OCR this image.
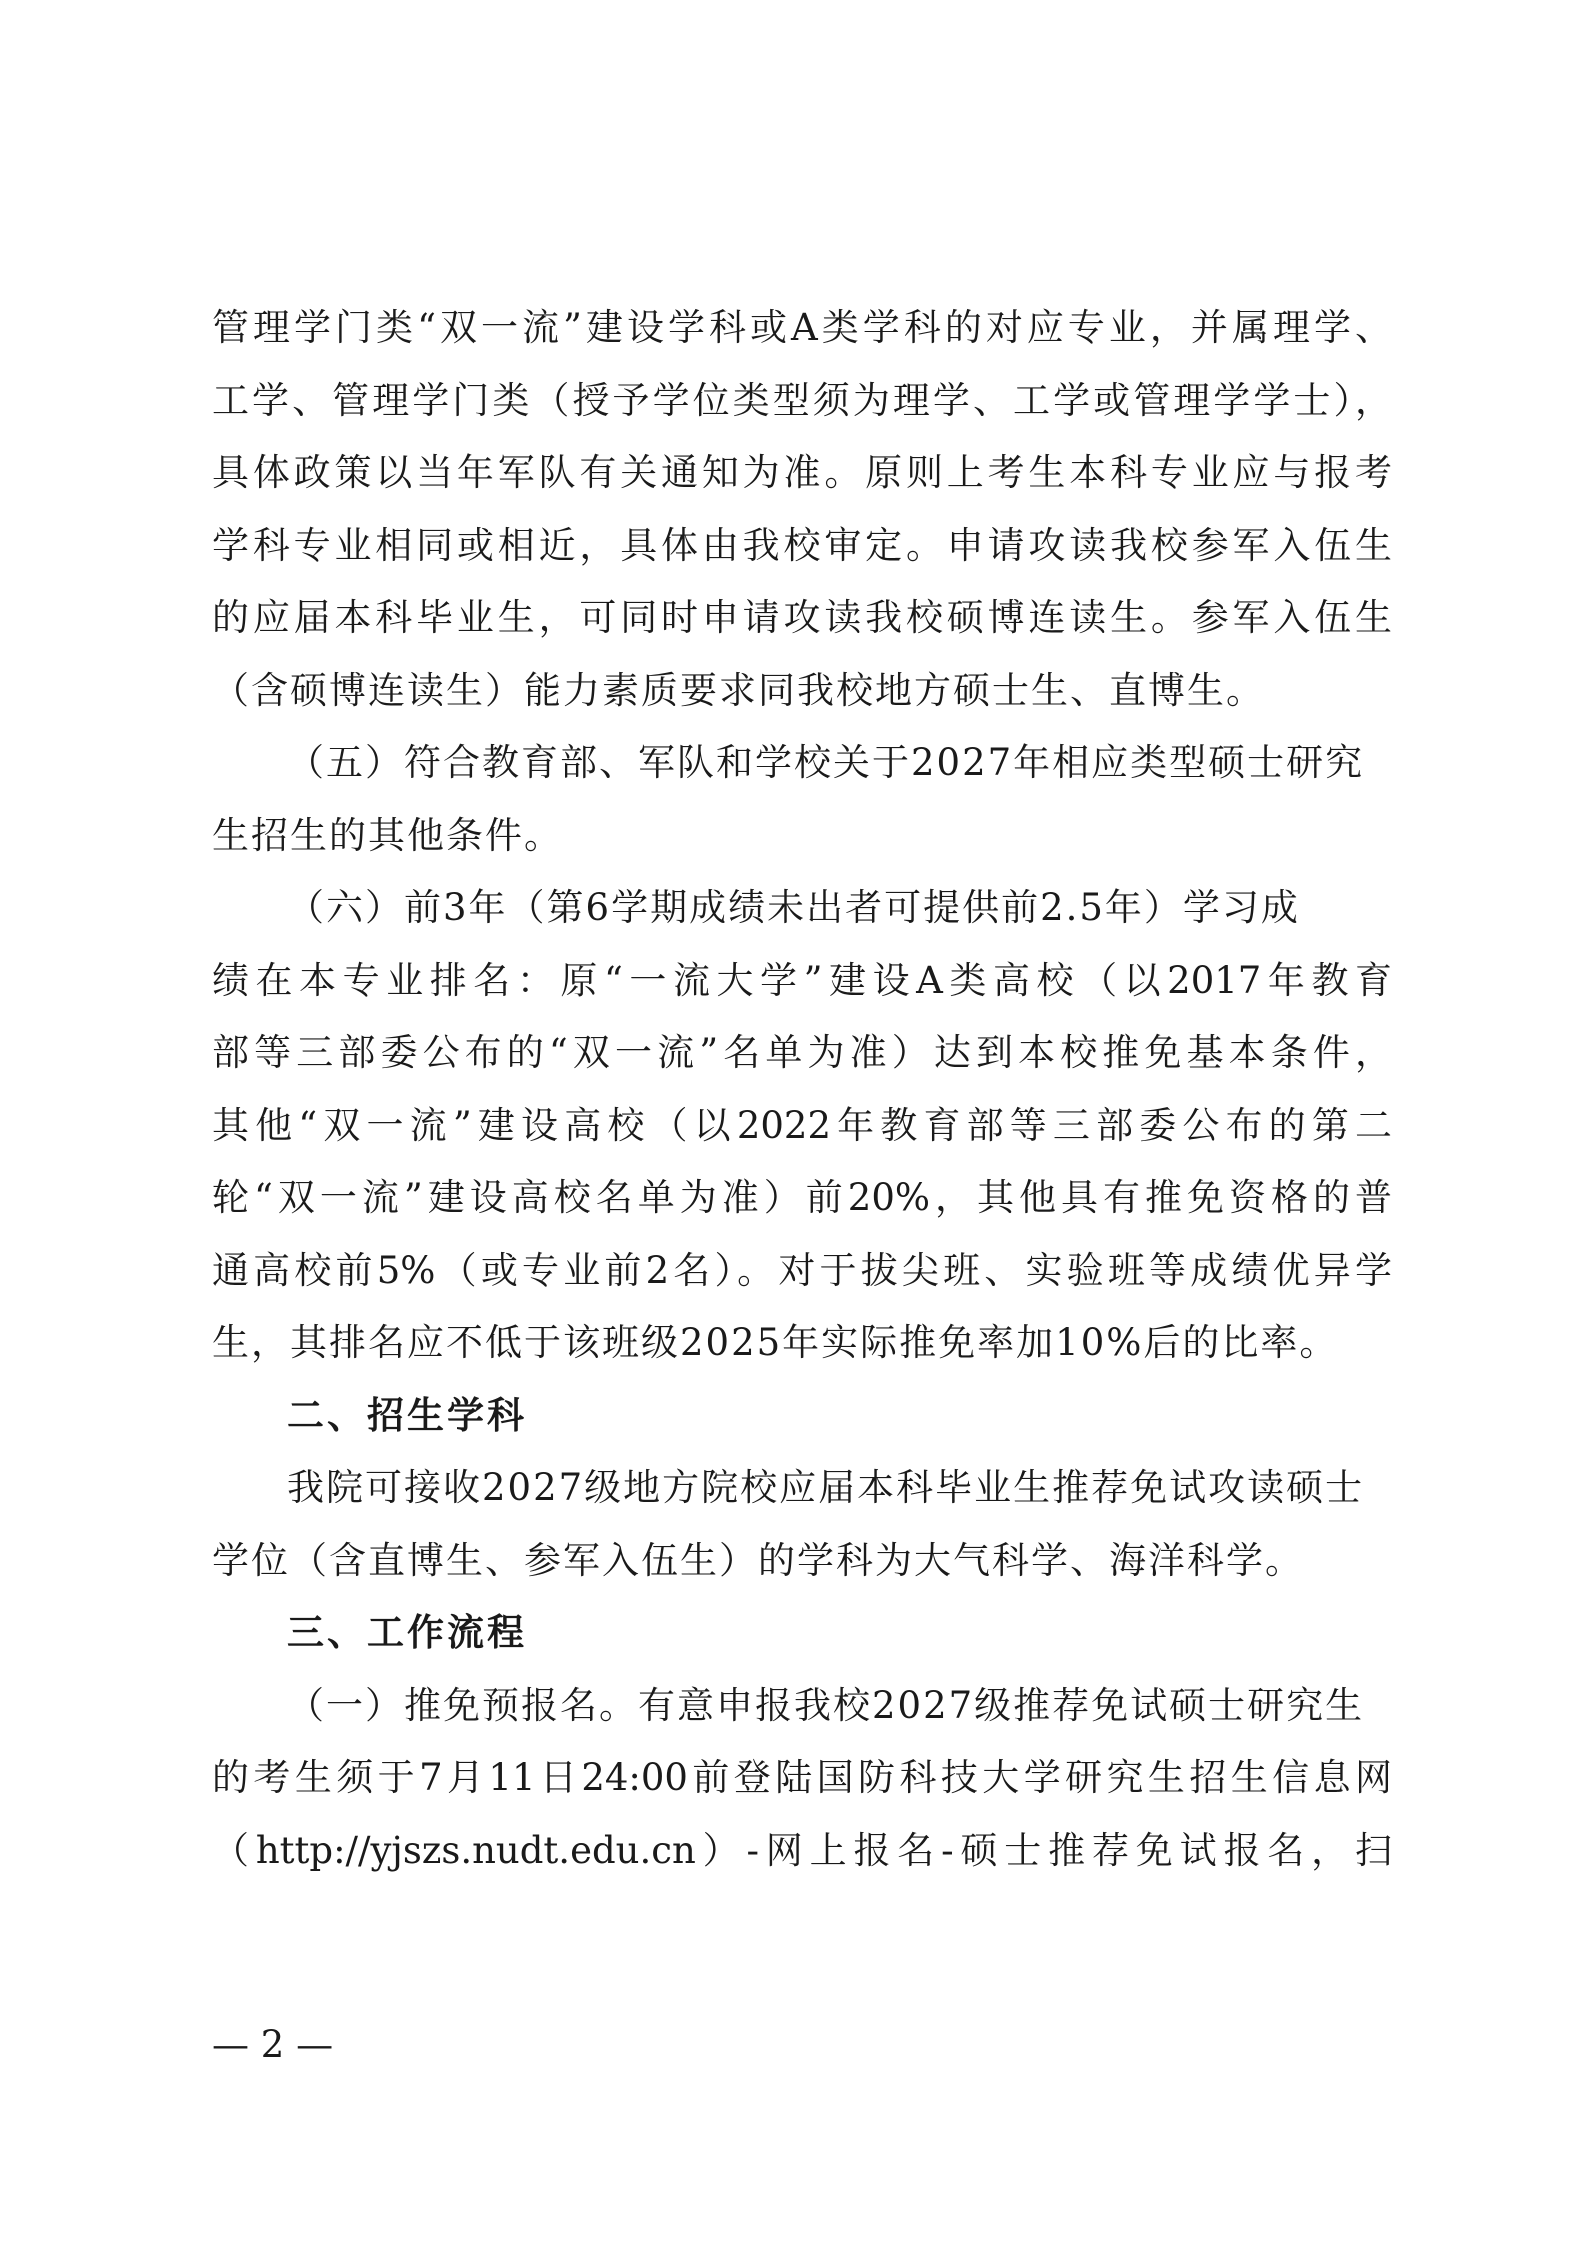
管理学门类“双一流”建设学科或A类学科的对应专业，并属理学、
工学、管理学门类（授予学位类型须为理学、工学或管理学学士），
具体政策以当年军队有关通知为准。原则上考生本科专业应与报考
学科专业相同或相近，具体由我校审定。申请攻读我校参军入伍生
的应届本科毕业生，可同时申请攻读我校硕博连读生。参军入伍生
（含硕博连读生）能力素质要求同我校地方硕士生、直博生。
（五）符合教育部、军队和学校关于2027年相应类型硕士研究
生招生的其他条件。
（六）前3年（第6学期成绩未出者可提供前2.5年）学习成
绩在本专业排名：原“一流大学”建设A类高校（以2017年教育
部等三部委公布的“双一流”名单为准）达到本校推免基本条件，
其他“双一流”建设高校（以2022年教育部等三部委公布的第二
轮“双一流”建设高校名单为准）前20%，其他具有推免资格的普
通高校前5%（或专业前2名）。对于拔尖班、实验班等成绩优异学
生，其排名应不低于该班级2025年实际推免率加10%后的比率。
二、招生学科
我院可接收2027级地方院校应届本科毕业生推荐免试攻读硕士
学位（含直博生、参军入伍生）的学科为大气科学、海洋科学。
三、工作流程
（一）推免预报名。有意申报我校2027级推荐免试硕士研究生
的考生须于7月11日24:00前登陆国防科技大学研究生招生信息网
（http://yjszs.nudt.edu.cn）-网上报名-硕士推荐免试报名，扫
— 2 —
